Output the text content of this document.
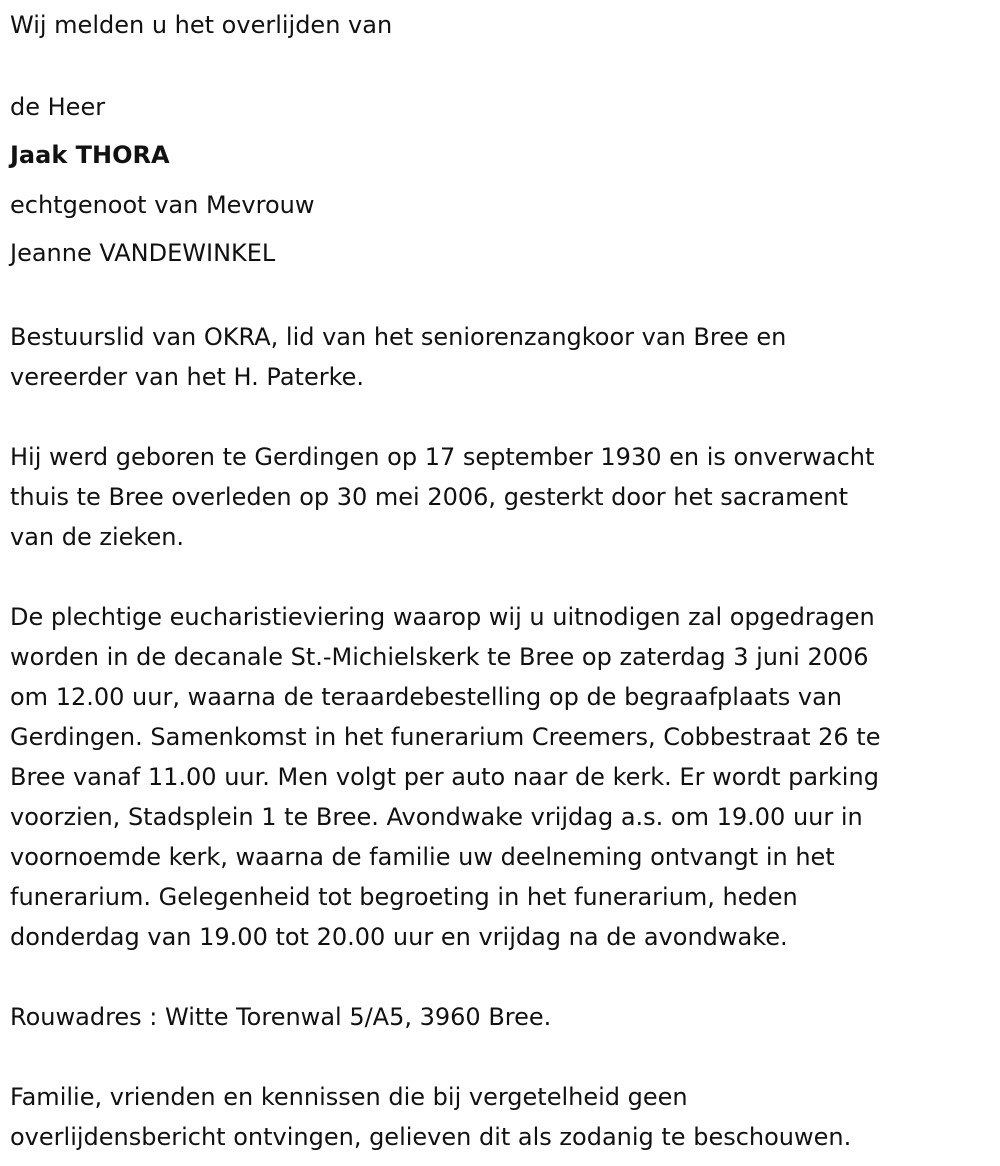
Wij melden u het overlijden van
de Heer
Jaak THORA
echtgenoot van Mevrouw
Jeanne VANDEWINKEL
Bestuurslid van OKRA, lid van het seniorenzangkoor van Bree en
vereerder van het H. Paterke.
Hij werd geboren te Gerdingen op 17 september 1930 en is onverwacht
thuis te Bree overleden op 30 mei 2006, gesterkt door het sacrament
van de zieken.
De plechtige eucharistieviering waarop wij u uitnodigen zal opgedragen
worden in de decanale St.-Michielskerk te Bree op zaterdag 3 juni 2006
om 12.00 uur, waarna de teraardebestelling op de begraafplaats van
Gerdingen. Samenkomst in het funerarium Creemers, Cobbestraat 26 te
Bree vanaf 11.00 uur. Men volgt per auto naar de kerk. Er wordt parking
voorzien, Stadsplein 1 te Bree. Avondwake vrijdag a.s. om 19.00 uur in
voornoemde kerk, waarna de familie uw deelneming ontvangt in het
funerarium. Gelegenheid tot begroeting in het funerarium, heden
donderdag van 19.00 tot 20.00 uur en vrijdag na de avondwake.
Rouwadres : Witte Torenwal 5/A5, 3960 Bree.
Familie, vrienden en kennissen die bij vergetelheid geen
overlijdensbericht ontvingen, gelieven dit als zodanig te beschouwen.
